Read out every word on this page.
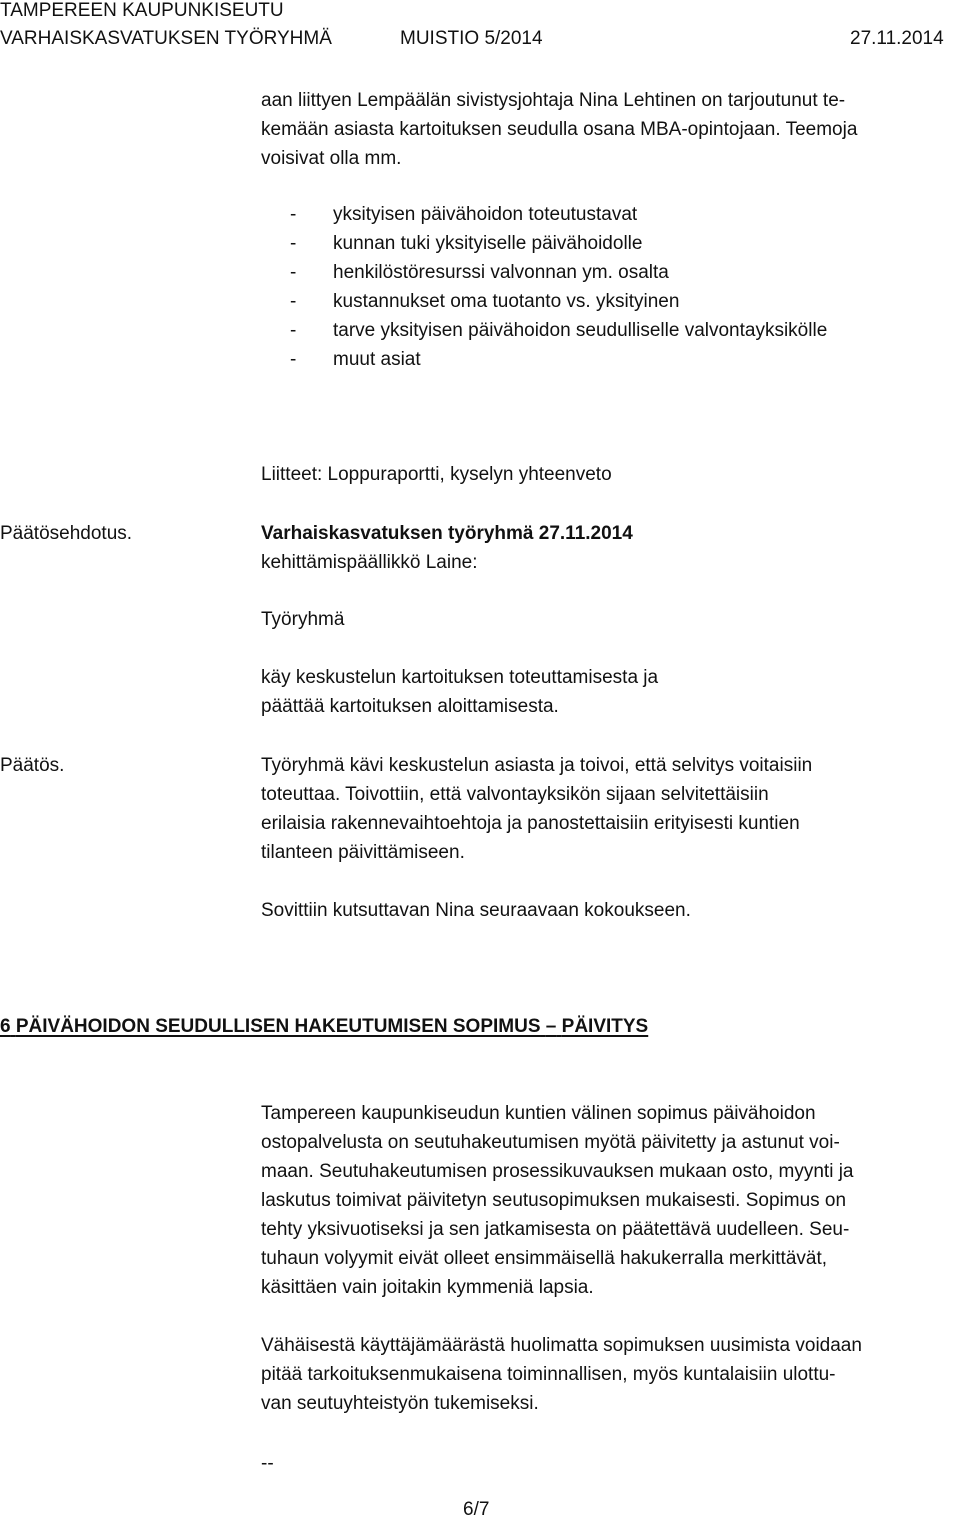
TAMPEREEN KAUPUNKISEUTU
VARHAISKASVATUKSEN TYÖRYHMÄ	MUISTIO 5/2014	27.11.2014
aan liittyen Lempäälän sivistysjohtaja Nina Lehtinen on tarjoutunut te-
kemään asiasta kartoituksen seudulla osana MBA-opintojaan. Teemoja
voisivat olla mm.
- yksityisen päivähoidon toteutustavat
- kunnan tuki yksityiselle päivähoidolle
- henkilöstöresurssi valvonnan ym. osalta
- kustannukset oma tuotanto vs. yksityinen
- tarve yksityisen päivähoidon seudulliselle valvontayksikölle
- muut asiat
Liitteet: Loppuraportti, kyselyn yhteenveto
Päätösehdotus.	Varhaiskasvatuksen työryhmä 27.11.2014
kehittämispäällikkö Laine:
Työryhmä
käy keskustelun kartoituksen toteuttamisesta ja
päättää kartoituksen aloittamisesta.
Päätös.	Työryhmä kävi keskustelun asiasta ja toivoi, että selvitys voitaisiin
toteuttaa. Toivottiin, että valvontayksikön sijaan selvitettäisiin
erilaisia rakennevaihtoehtoja ja panostettaisiin erityisesti kuntien
tilanteen päivittämiseen.
Sovittiin kutsuttavan Nina seuraavaan kokoukseen.
6 PÄIVÄHOIDON SEUDULLISEN HAKEUTUMISEN SOPIMUS – PÄIVITYS
Tampereen kaupunkiseudun kuntien välinen sopimus päivähoidon
ostopalvelusta on seutuhakeutumisen myötä päivitetty ja astunut voi-
maan. Seutuhakeutumisen prosessikuvauksen mukaan osto, myynti ja
laskutus toimivat päivitetyn seutusopimuksen mukaisesti. Sopimus on
tehty yksivuotiseksi ja sen jatkamisesta on päätettävä uudelleen. Seu-
tuhaun volyymit eivät olleet ensimmäisellä hakukerralla merkittävät,
käsittäen vain joitakin kymmeniä lapsia.
Vähäisestä käyttäjämäärästä huolimatta sopimuksen uusimista voidaan
pitää tarkoituksenmukaisena toiminnallisen, myös kuntalaisiin ulottu-
van seutuyhteistyön tukemiseksi.
--
6/7
